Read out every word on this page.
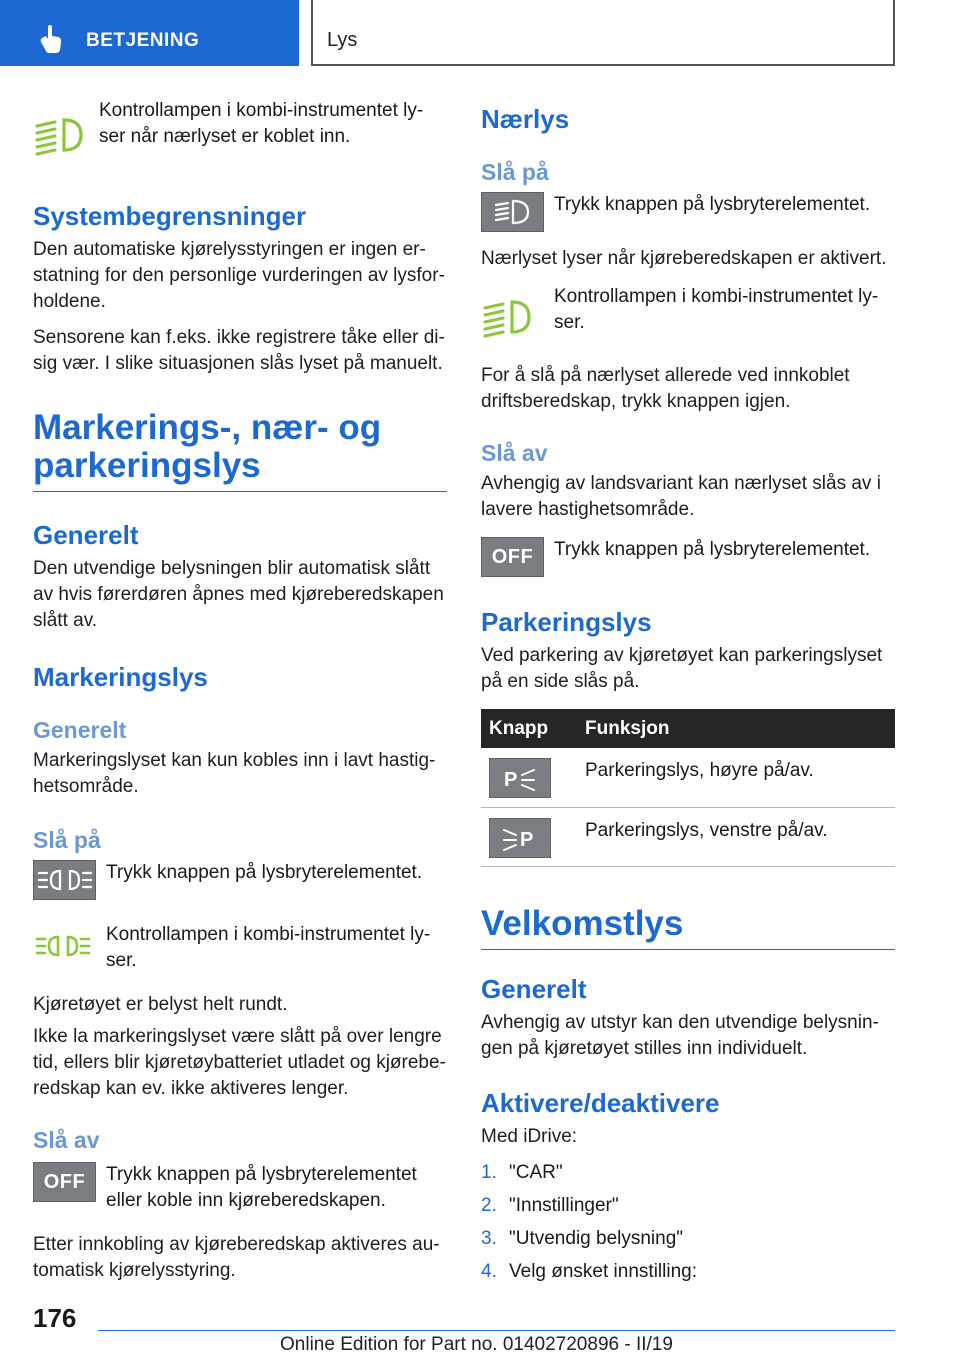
BETJENING	Lys
Kontrollampen i kombi-instrumentet ly-ser når nærlyset er koblet inn.
Systembegrensninger

Den automatiske kjørelysstyringen er ingen er-statning for den personlige vurderingen av lysfor-holdene.

Sensorene kan f.eks. ikke registrere tåke eller di-sig vær. I slike situasjonen slås lyset på manuelt.

Markerings-, nær- og parkeringslys
Generelt

Den utvendige belysningen blir automatisk slått av hvis førerdøren åpnes med kjøreberedskapen slått av.

Markeringslys
Generelt

Markeringslyset kan kun kobles inn i lavt hastig-hetsområde.

Slå på
Trykk knappen på lysbryterelementet.
Kontrollampen i kombi-instrumentet ly-ser.

Kjøretøyet er belyst helt rundt.

Ikke la markeringslyset være slått på over lengre tid, ellers blir kjøretøybatteriet utladet og kjørebe-redskap kan ev. ikke aktiveres lenger.

Slå av
OFF	Trykk knappen på lysbryterelementet eller koble inn kjøreberedskapen.

Etter innkobling av kjøreberedskap aktiveres au-tomatisk kjørelysstyring.

Nærlys
Slå på
Trykk knappen på lysbryterelementet.

Nærlyset lyser når kjøreberedskapen er aktivert.

Kontrollampen i kombi-instrumentet ly-ser.

For å slå på nærlyset allerede ved innkoblet driftsberedskap, trykk knappen igjen.

Slå av

Avhengig av landsvariant kan nærlyset slås av i lavere hastighetsområde.

OFF	Trykk knappen på lysbryterelementet.
Parkeringslys

Ved parkering av kjøretøyet kan parkeringslyset på en side slås på.

Knapp	Funksjon

P	Parkeringslys, høyre på/av.

P	Parkeringslys, venstre på/av.
Velkomstlys
Generelt

Avhengig av utstyr kan den utvendige belysnin-gen på kjøretøyet stilles inn individuelt.

Aktivere/deaktivere

Med iDrive:

1. "CAR"
2. "Innstillinger"
3. "Utvendig belysning"
4. Velg ønsket innstilling:
176
Online Edition for Part no. 01402720896 - II/19
